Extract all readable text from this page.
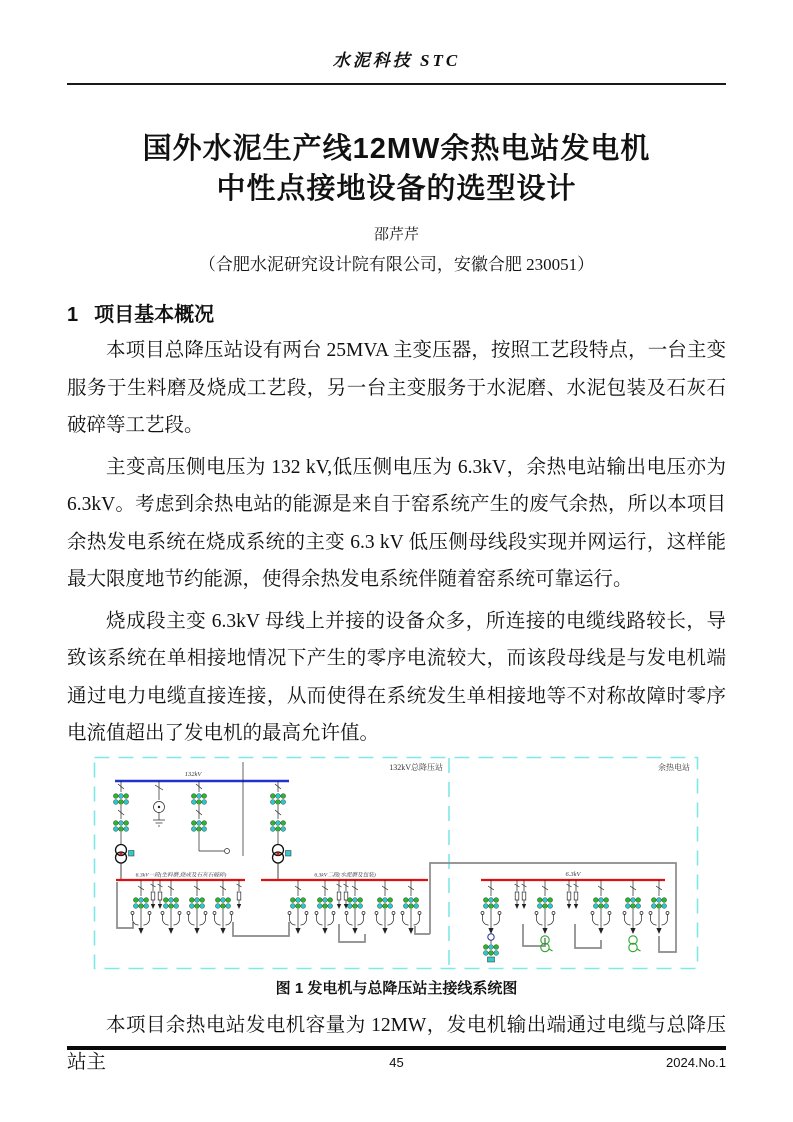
水泥科技 STC
国外水泥生产线12MW余热电站发电机
中性点接地设备的选型设计
邵芹芹
（合肥水泥研究设计院有限公司，安徽合肥 230051）
1 项目基本概况

本项目总降压站设有两台 25MVA 主变压器，按照工艺段特点，一台主变服务于生料磨及烧成工艺段，另一台主变服务于水泥磨、水泥包装及石灰石破碎等工艺段。

主变高压侧电压为 132 kV,低压侧电压为 6.3kV，余热电站输出电压亦为 6.3kV。考虑到余热电站的能源是来自于窑系统产生的废气余热，所以本项目余热发电系统在烧成系统的主变 6.3 kV 低压侧母线段实现并网运行，这样能最大限度地节约能源，使得余热发电系统伴随着窑系统可靠运行。

烧成段主变 6.3kV 母线上并接的设备众多，所连接的电缆线路较长，导致该系统在单相接地情况下产生的零序电流较大，而该段母线是与发电机端通过电力电缆直接连接，从而使得在系统发生单相接地等不对称故障时零序电流值超出了发电机的最高允许值。

132kV总降压站	余热电站
132kV
6.3kV一段(生料磨,烧成及石灰石破碎)	6.3kV二段(水泥磨及包装)	6.3kV
图 1 发电机与总降压站主接线系统图

本项目余热电站发电机容量为 12MW，发电机输出端通过电缆与总降压站主	45	2024.No.1
